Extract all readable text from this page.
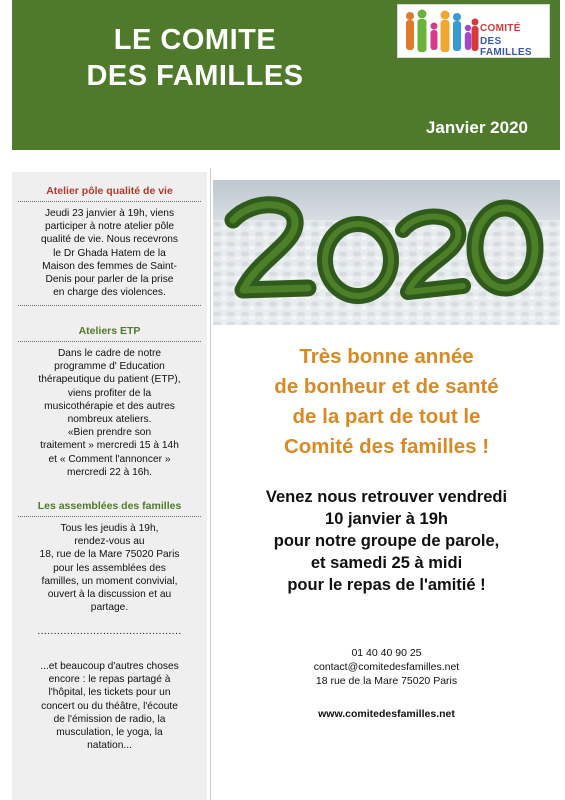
LE COMITE
DES FAMILLES
COMITÉ
DES FAMILLES
Janvier 2020
Atelier pôle qualité de vie
Jeudi 23 janvier à 19h, viens
participer à notre atelier pôle
qualité de vie. Nous recevrons
le Dr Ghada Hatem de la
Maison des femmes de Saint-
Denis pour parler de la prise
en charge des violences.
Ateliers ETP
Dans le cadre de notre
programme d' Education
thérapeutique du patient (ETP),
viens profiter de la
musicothérapie et des autres
nombreux ateliers.
«Bien prendre son
traitement » mercredi 15 à 14h
et « Comment l'annoncer »
mercredi 22 à 16h.
Les assemblées des familles
Tous les jeudis à 19h,
rendez-vous au
18, rue de la Mare 75020 Paris
pour les assemblées des
familles, un moment convivial,
ouvert à la discussion et au
partage.
............................................
...et beaucoup d'autres choses
encore : le repas partagé à
l'hôpital, les tickets pour un
concert ou du théâtre, l'écoute
de l'émission de radio, la
musculation, le yoga, la
natation...
Très bonne année
de bonheur et de santé
de la part de tout le
Comité des familles !
Venez nous retrouver vendredi
10 janvier à 19h
pour notre groupe de parole,
et samedi 25 à midi
pour le repas de l'amitié !
01 40 40 90 25
contact@comitedesfamilles.net
18 rue de la Mare 75020 Paris
www.comitedesfamilles.net
